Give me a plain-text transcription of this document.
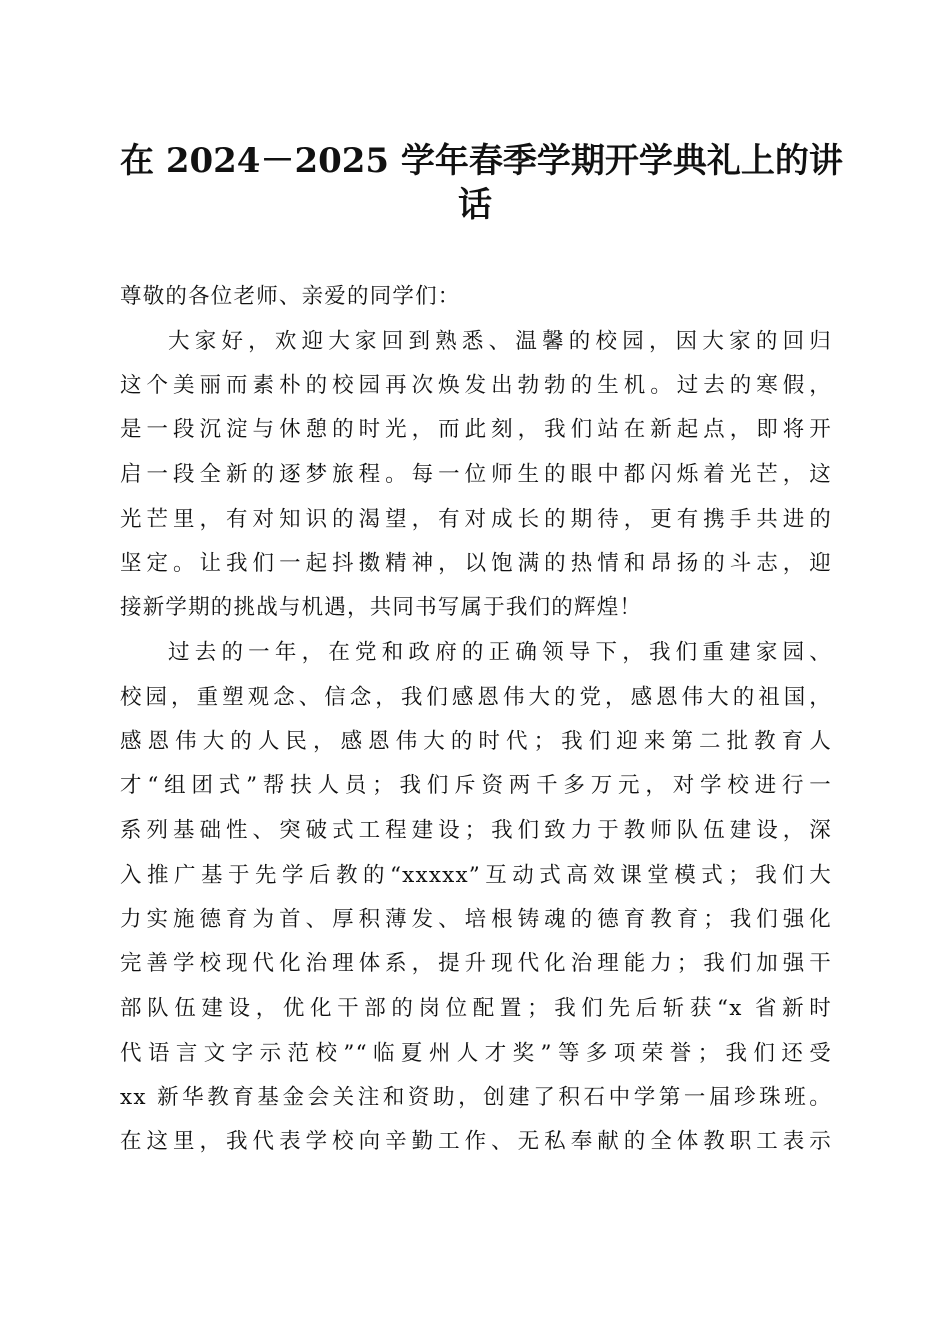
在 2024－2025 学年春季学期开学典礼上的讲
话
尊敬的各位老师、亲爱的同学们：
大家好，欢迎大家回到熟悉、温馨的校园，因大家的回归
这个美丽而素朴的校园再次焕发出勃勃的生机。过去的寒假，
是一段沉淀与休憩的时光，而此刻，我们站在新起点，即将开
启一段全新的逐梦旅程。每一位师生的眼中都闪烁着光芒，这
光芒里，有对知识的渴望，有对成长的期待，更有携手共进的
坚定。让我们一起抖擞精神，以饱满的热情和昂扬的斗志，迎
接新学期的挑战与机遇，共同书写属于我们的辉煌！
过去的一年，在党和政府的正确领导下，我们重建家园、
校园，重塑观念、信念，我们感恩伟大的党，感恩伟大的祖国，
感恩伟大的人民，感恩伟大的时代；我们迎来第二批教育人
才“组团式”帮扶人员；我们斥资两千多万元，对学校进行一
系列基础性、突破式工程建设；我们致力于教师队伍建设，深
入推广基于先学后教的“xxxxx”互动式高效课堂模式；我们大
力实施德育为首、厚积薄发、培根铸魂的德育教育；我们强化
完善学校现代化治理体系，提升现代化治理能力；我们加强干
部队伍建设，优化干部的岗位配置；我们先后斩获“x 省新时
代语言文字示范校”“临夏州人才奖”等多项荣誉；我们还受
xx 新华教育基金会关注和资助，创建了积石中学第一届珍珠班。
在这里，我代表学校向辛勤工作、无私奉献的全体教职工表示
